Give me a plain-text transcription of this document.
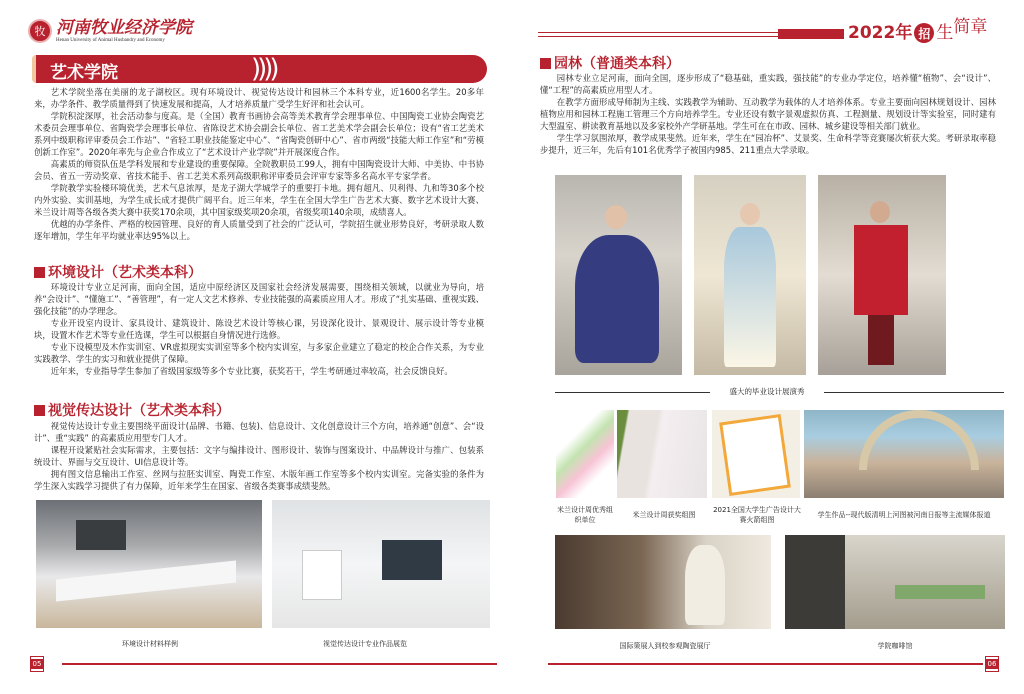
牧 河南牧业经济学院
Henan University of Animal Husbandry and Economy
艺术学院	))))

艺术学院坐落在美丽的龙子湖校区。现有环境设计、视觉传达设计和园林三个本科专业，近1600名学生。20多年来，办学条件、教学质量得到了快速发展和提高，人才培养质量广受学生好评和社会认可。

学院积淀深厚，社会活动参与度高。是（全国）教育书画协会高等美术教育学会理事单位、中国陶瓷工业协会陶瓷艺术委员会理事单位、省陶瓷学会理事长单位、省陈设艺术协会副会长单位、省工艺美术学会副会长单位；设有“省工艺美术系列中级职称评审委员会工作站”、“省轻工职业技能鉴定中心”、“省陶瓷创研中心”、省市两级“技能大师工作室”和“劳模创新工作室”。2020年率先与企业合作成立了“艺术设计产业学院”并开展深度合作。

高素质的师资队伍是学科发展和专业建设的重要保障。全院教职员工99人，拥有中国陶瓷设计大师、中美协、中书协会员、省五一劳动奖章、省技术能手、省工艺美术系列高级职称评审委员会评审专家等多名高水平专家学者。

学院教学实验楼环境优美，艺术气息浓厚，是龙子湖大学城学子的重要打卡地。拥有超凡、贝利得、九和等30多个校内外实验、实训基地，为学生成长成才提供广阔平台。近三年来，学生在全国大学生广告艺术大赛、数字艺术设计大赛、米兰设计周等各级各类大赛中获奖170余项，其中国家级奖项20余项，省级奖项140余项，成绩喜人。

优越的办学条件、严格的校园管理、良好的育人质量受到了社会的广泛认可，学院招生就业形势良好，考研录取人数逐年增加，学生年平均就业率达95%以上。

环境设计（艺术类本科）

环境设计专业立足河南，面向全国，适应中原经济区及国家社会经济发展需要，围绕相关领域，以就业为导向，培养“会设计”、“懂施工”、“善管理”，有一定人文艺术修养、专业技能强的高素质应用人才。形成了“扎实基础、重视实践、强化技能”的办学理念。

专业开设室内设计、家具设计、建筑设计、陈设艺术设计等核心课，另设深化设计、景观设计、展示设计等专业模块，设置木作艺术等专业任选课，学生可以根据自身情况进行选修。

专业下设模型及木作实训室、VR虚拟现实实训室等多个校内实训室，与多家企业建立了稳定的校企合作关系，为专业实践教学、学生的实习和就业提供了保障。

近年来，专业指导学生参加了省级国家级等多个专业比赛，获奖若干，学生考研通过率较高，社会反馈良好。

视觉传达设计（艺术类本科）

视觉传达设计专业主要围绕平面设计(品牌、书籍、包装)、信息设计、文化创意设计三个方向，培养通“创意”、会“设计”、重“实践” 的高素质应用型专门人才。

课程开设紧贴社会实际需求，主要包括：文字与编排设计、图形设计、装饰与图案设计、中品牌设计与推广、包装系统设计、界面与交互设计、UI信息设计等。

拥有图文信息输出工作室、丝网与拉胚实训室、陶瓷工作室、木版年画工作室等多个校内实训室。完备实验的条件为学生深入实践学习提供了有力保障，近年来学生在国家、省级各类赛事成绩斐然。

环境设计材料样例	视觉传达设计专业作品展览
05
2022年 招 生 简章
园林（普通类本科）

园林专业立足河南，面向全国，逐步形成了“稳基础，重实践，强技能”的专业办学定位，培养懂“植物”、会“设计”、懂“工程”的高素质应用型人才。

在教学方面形成导师制为主线、实践教学为辅助、互动教学为载体的人才培养体系。专业主要面向园林规划设计、园林植物应用和园林工程施工管理三个方向培养学生。专业还设有数字景观虚拟仿真、工程测量、规划设计等实验室，同时建有大型温室、耕读教育基地以及多家校外产学研基地。学生可在在市政、园林、城乡建设等相关部门就业。

学生学习氛围浓厚，教学成果斐然。近年来，学生在“园冶杯”、艾景奖、生命科学等竞赛屡次斩获大奖。考研录取率稳步提升，近三年，先后有101名优秀学子被国内985、211重点大学录取。

盛大的毕业设计展演秀
米兰设计周优秀组织单位
米兰设计周获奖组图
2021全国大学生广告设计大赛火箭组图
学生作品--现代版清明上河图被河南日报等主流媒体报道
国际策展人到校参观陶瓷展厅	学院咖啡馆
06
